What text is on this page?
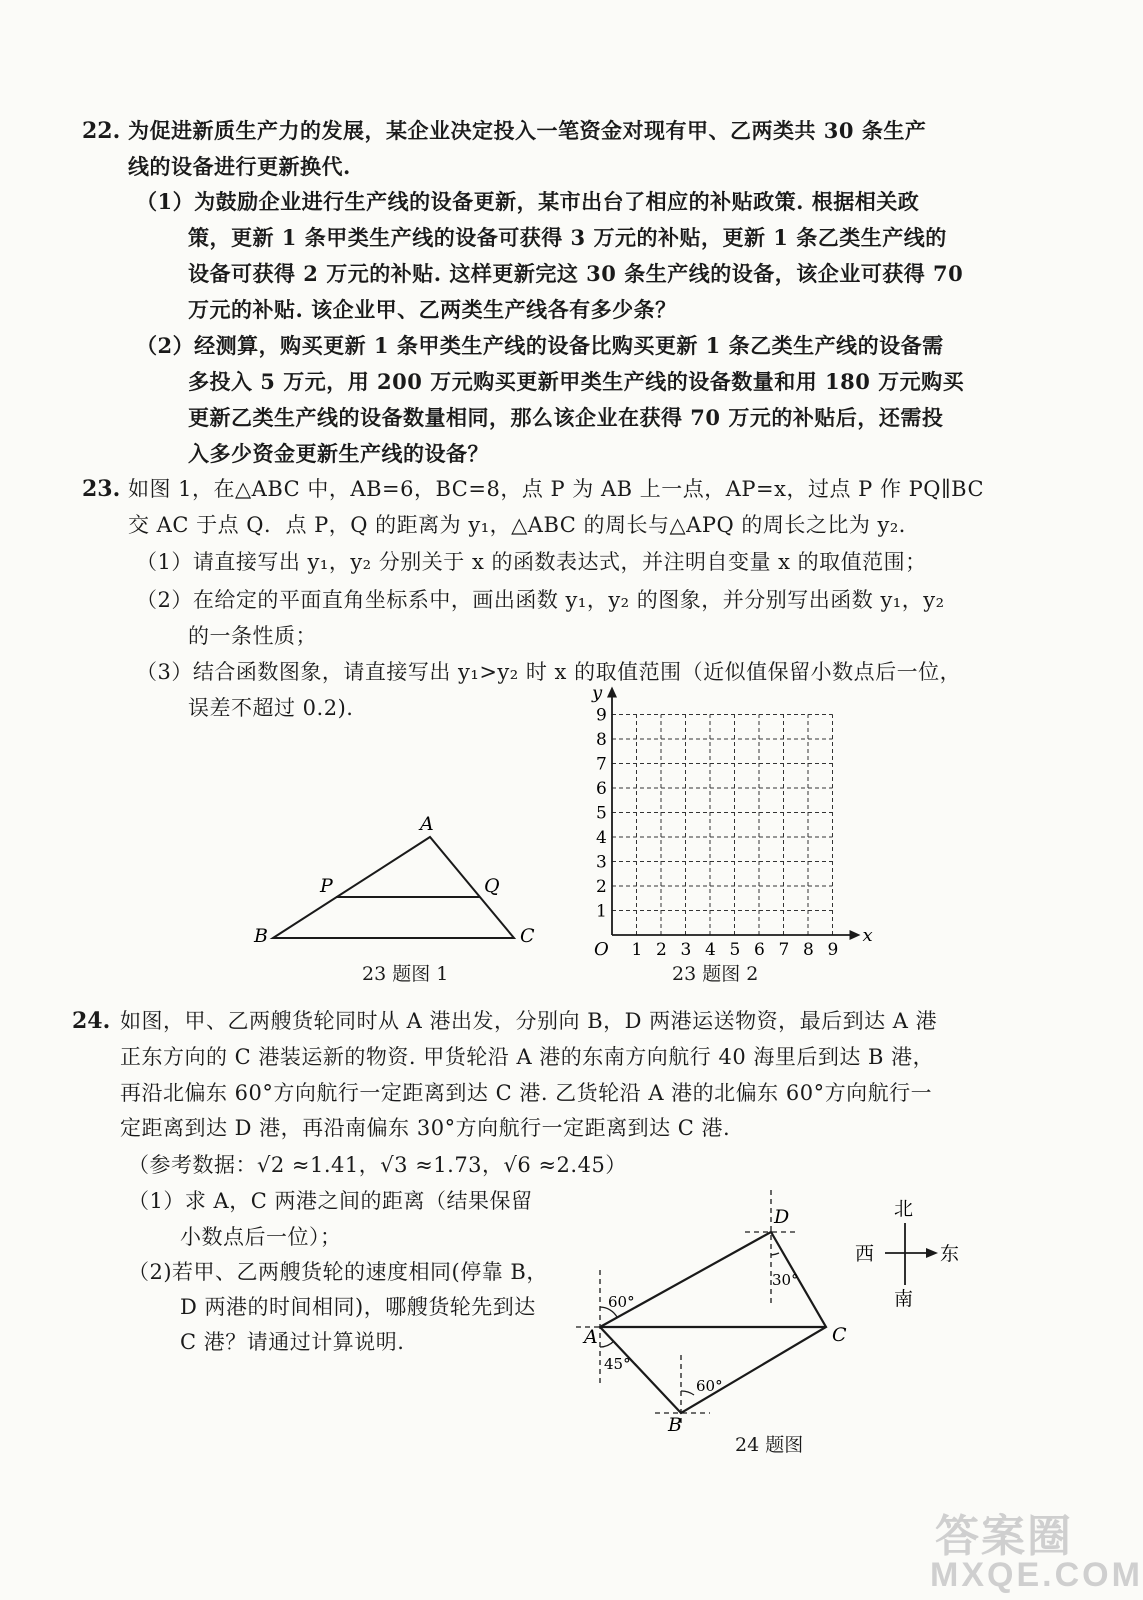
22. 为促进新质生产力的发展，某企业决定投入一笔资金对现有甲、乙两类共 30 条生产
线的设备进行更新换代.
（1）为鼓励企业进行生产线的设备更新，某市出台了相应的补贴政策. 根据相关政
策，更新 1 条甲类生产线的设备可获得 3 万元的补贴，更新 1 条乙类生产线的
设备可获得 2 万元的补贴. 这样更新完这 30 条生产线的设备，该企业可获得 70
万元的补贴. 该企业甲、乙两类生产线各有多少条？
（2）经测算，购买更新 1 条甲类生产线的设备比购买更新 1 条乙类生产线的设备需
多投入 5 万元，用 200 万元购买更新甲类生产线的设备数量和用 180 万元购买
更新乙类生产线的设备数量相同，那么该企业在获得 70 万元的补贴后，还需投
入多少资金更新生产线的设备？
23. 如图 1，在△ABC 中，AB=6，BC=8，点 P 为 AB 上一点，AP=x，过点 P 作 PQ∥BC
交 AC 于点 Q．点 P，Q 的距离为 y₁，△ABC 的周长与△APQ 的周长之比为 y₂．
（1）请直接写出 y₁，y₂ 分别关于 x 的函数表达式，并注明自变量 x 的取值范围；
（2）在给定的平面直角坐标系中，画出函数 y₁，y₂ 的图象，并分别写出函数 y₁，y₂
的一条性质；
（3）结合函数图象，请直接写出 y₁>y₂ 时 x 的取值范围（近似值保留小数点后一位，
误差不超过 0.2).
A
B	C
P	Q
23 题图 1
1 2 3 4 5 6 7 8 9
1
2
3
4
5
6
7
8
9
O
x
y
23 题图 2
24. 如图，甲、乙两艘货轮同时从 A 港出发，分别向 B，D 两港运送物资，最后到达 A 港
正东方向的 C 港装运新的物资. 甲货轮沿 A 港的东南方向航行 40 海里后到达 B 港，
再沿北偏东 60°方向航行一定距离到达 C 港. 乙货轮沿 A 港的北偏东 60°方向航行一
定距离到达 D 港，再沿南偏东 30°方向航行一定距离到达 C 港.
（参考数据：√2 ≈1.41，√3 ≈1.73，√6 ≈2.45）
（1）求 A，C 两港之间的距离（结果保留
小数点后一位）；
（2)若甲、乙两艘货轮的速度相同(停靠 B，
D 两港的时间相同)，哪艘货轮先到达
C 港？请通过计算说明.	A
B
C
D
60°
45°
60°
30°
北
南
西	东
24 题图
答案圈
MXQE.COM
